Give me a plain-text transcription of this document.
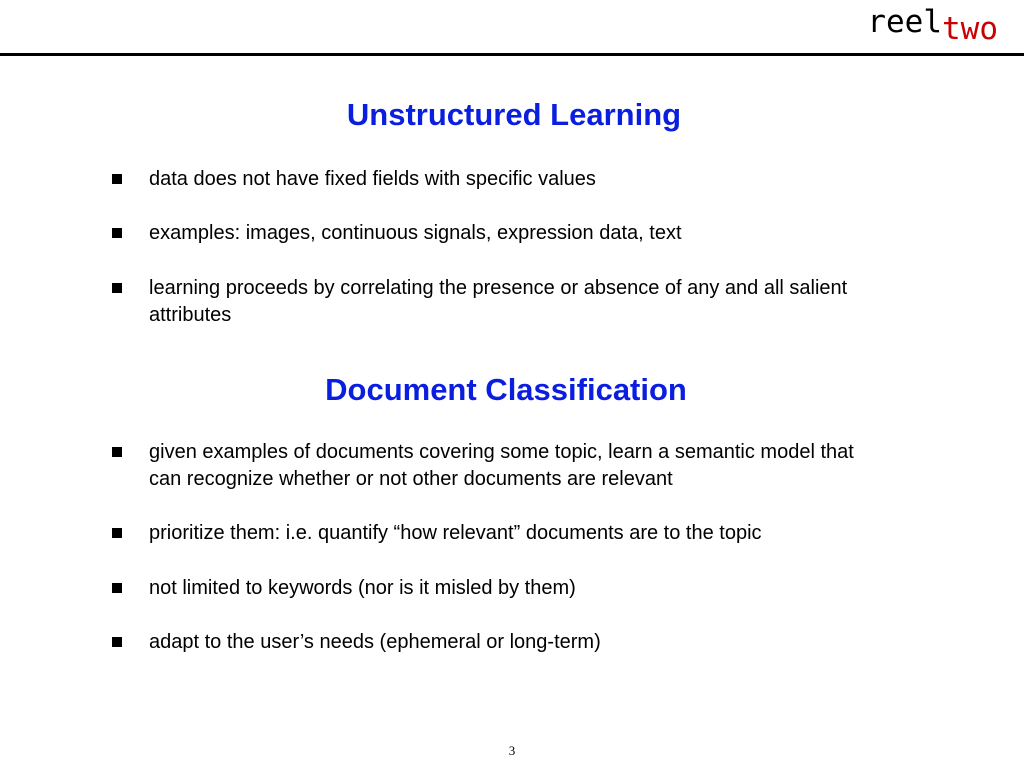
reeltwo
Unstructured Learning
data does not have fixed fields with specific values
examples: images, continuous signals, expression data, text
learning proceeds by correlating the presence or absence of any and all salient attributes
Document Classification
given examples of documents covering some topic, learn a semantic model that can recognize whether or not other documents are relevant
prioritize them: i.e. quantify “how relevant” documents are to the topic
not limited to keywords (nor is it misled by them)
adapt to the user’s needs (ephemeral or long-term)
3
